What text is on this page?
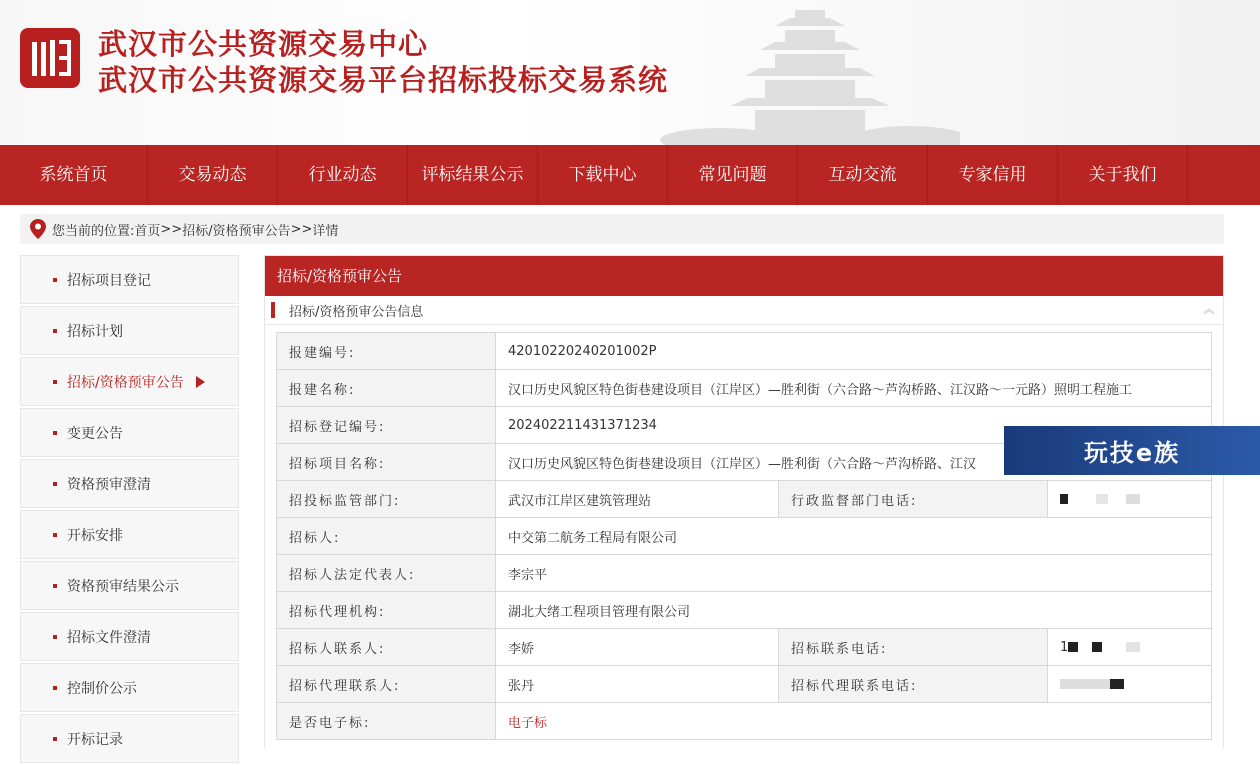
武汉市公共资源交易中心
武汉市公共资源交易平台招标投标交易系统
系统首页	交易动态	行业动态	评标结果公示	下载中心	常见问题	互动交流	专家信用	关于我们
您当前的位置: 首页 >> 招标/资格预审公告 >> 详情
招标项目登记
招标计划
招标/资格预审公告
变更公告
资格预审澄清
开标安排
资格预审结果公示
招标文件澄清
控制价公示
开标记录
招标/资格预审公告
招标/资格预审公告信息	︽
报建编号:	42010220240201002P		
报建名称:	汉口历史风貌区特色街巷建设项目（江岸区）—胜利街（六合路～芦沟桥路、江汉路～一元路）照明工程施工		
招标登记编号:	202402211431371234		
招标项目名称:	汉口历史风貌区特色街巷建设项目（江岸区）—胜利街（六合路～芦沟桥路、江汉		
招投标监管部门:	武汉市江岸区建筑管理站	行政监督部门电话:	
招标人:	中交第二航务工程局有限公司		
招标人法定代表人:	李宗平		
招标代理机构:	湖北大绪工程项目管理有限公司		
招标人联系人:	李娇	招标联系电话:	1
招标代理联系人:	张丹	招标代理联系电话:	
是否电子标:	电子标		
玩技e族
